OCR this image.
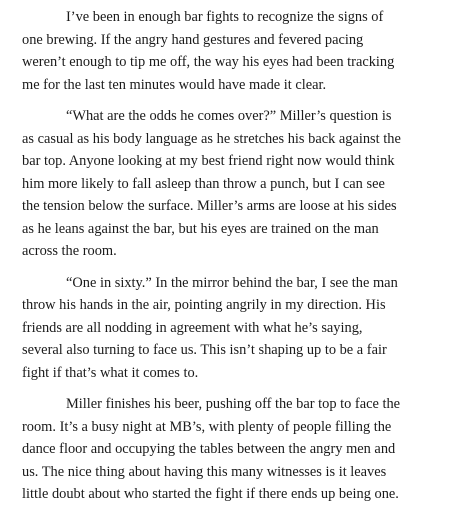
I’ve been in enough bar fights to recognize the signs of one brewing. If the angry hand gestures and fevered pacing weren’t enough to tip me off, the way his eyes had been tracking me for the last ten minutes would have made it clear.

“What are the odds he comes over?” Miller’s question is as casual as his body language as he stretches his back against the bar top. Anyone looking at my best friend right now would think him more likely to fall asleep than throw a punch, but I can see the tension below the surface. Miller’s arms are loose at his sides as he leans against the bar, but his eyes are trained on the man across the room.

“One in sixty.” In the mirror behind the bar, I see the man throw his hands in the air, pointing angrily in my direction. His friends are all nodding in agreement with what he’s saying, several also turning to face us. This isn’t shaping up to be a fair fight if that’s what it comes to.

Miller finishes his beer, pushing off the bar top to face the room. It’s a busy night at MB’s, with plenty of people filling the dance floor and occupying the tables between the angry men and us. The nice thing about having this many witnesses is it leaves little doubt about who started the fight if there ends up being one.
